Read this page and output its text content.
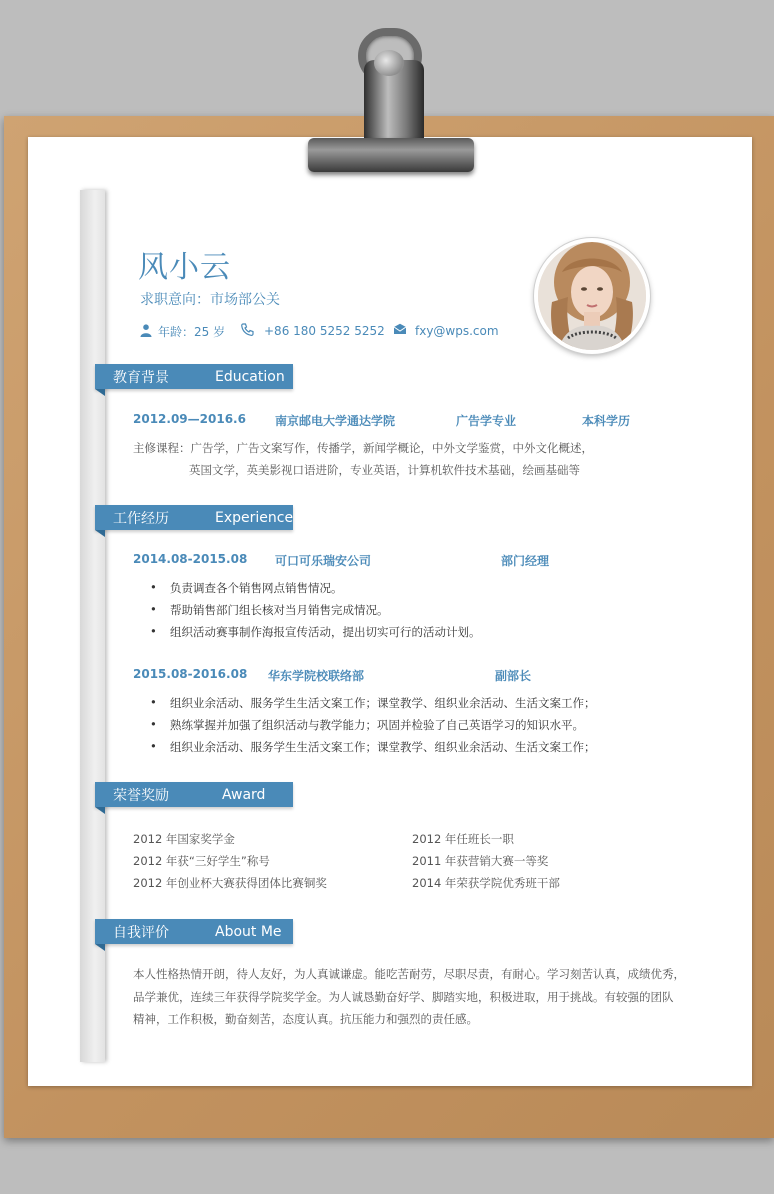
风小云
求职意向：市场部公关
年龄：25 岁	+86 180 5252 5252	fxy@wps.com
教育背景	Education
2012.09—2016.6 南京邮电大学通达学院	广告学专业	本科学历
主修课程：广告学，广告文案写作，传播学，新闻学概论，中外文学鉴赏，中外文化概述，
英国文学，英美影视口语进阶，专业英语，计算机软件技术基础，绘画基础等
工作经历	Experience
2014.08-2015.08 可口可乐瑞安公司	部门经理
• 负责调查各个销售网点销售情况。
• 帮助销售部门组长核对当月销售完成情况。
• 组织活动赛事制作海报宣传活动，提出切实可行的活动计划。
2015.08-2016.08 华东学院校联络部	副部长
• 组织业余活动、服务学生生活文案工作；课堂教学、组织业余活动、生活文案工作；
• 熟练掌握并加强了组织活动与教学能力；巩固并检验了自己英语学习的知识水平。
• 组织业余活动、服务学生生活文案工作；课堂教学、组织业余活动、生活文案工作；
荣誉奖励	Award
2012 年国家奖学金	2012 年任班长一职
2012 年获“三好学生”称号	2011 年获营销大赛一等奖
2012 年创业杯大赛获得团体比赛铜奖	2014 年荣获学院优秀班干部
自我评价	About Me
本人性格热情开朗，待人友好，为人真诚谦虚。能吃苦耐劳，尽职尽责，有耐心。学习刻苦认真，成绩优秀，
品学兼优，连续三年获得学院奖学金。为人诚恳勤奋好学、脚踏实地，积极进取，用于挑战。有较强的团队
精神，工作积极，勤奋刻苦，态度认真。抗压能力和强烈的责任感。
